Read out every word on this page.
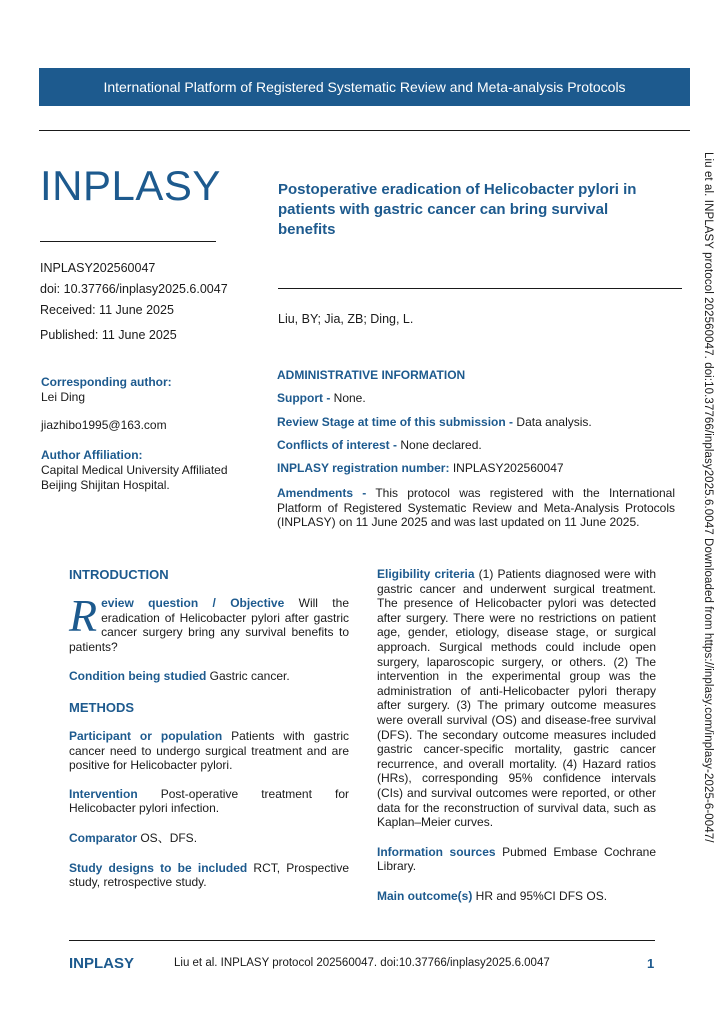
International Platform of Registered Systematic Review and Meta-analysis Protocols
Liu et al. INPLASY protocol 202560047. doi:10.37766/inplasy2025.6.0047 Downloaded from https://inplasy.com/inplasy-2025-6-0047/
INPLASY
INPLASY202560047
doi: 10.37766/inplasy2025.6.0047
Received: 11 June 2025
Published: 11 June 2025
Corresponding author:
Lei Ding
jiazhibo1995@163.com
Author Affiliation:
Capital Medical University Affiliated Beijing Shijitan Hospital.
Postoperative eradication of Helicobacter pylori in patients with gastric cancer can bring survival benefits
Liu, BY; Jia, ZB; Ding, L.
ADMINISTRATIVE INFORMATION
Support - None.
Review Stage at time of this submission - Data analysis.
Conflicts of interest - None declared.
INPLASY registration number: INPLASY202560047
Amendments - This protocol was registered with the International Platform of Registered Systematic Review and Meta-Analysis Protocols (INPLASY) on 11 June 2025 and was last updated on 11 June 2025.
INTRODUCTION
Review question / Objective Will the eradication of Helicobacter pylori after gastric cancer surgery bring any survival benefits to patients?
Condition being studied Gastric cancer.
METHODS
Participant or population Patients with gastric cancer need to undergo surgical treatment and are positive for Helicobacter pylori.
Intervention Post-operative treatment for Helicobacter pylori infection.
Comparator OS、DFS.
Study designs to be included RCT, Prospective study, retrospective study.
Eligibility criteria (1) Patients diagnosed were with gastric cancer and underwent surgical treatment. The presence of Helicobacter pylori was detected after surgery. There were no restrictions on patient age, gender, etiology, disease stage, or surgical approach. Surgical methods could include open surgery, laparoscopic surgery, or others. (2) The intervention in the experimental group was the administration of anti-Helicobacter pylori therapy after surgery. (3) The primary outcome measures were overall survival (OS) and disease-free survival (DFS). The secondary outcome measures included gastric cancer-specific mortality, gastric cancer recurrence, and overall mortality. (4) Hazard ratios (HRs), corresponding 95% confidence intervals (CIs) and survival outcomes were reported, or other data for the reconstruction of survival data, such as Kaplan–Meier curves.
Information sources Pubmed Embase Cochrane Library.
Main outcome(s) HR and 95%CI DFS OS.
INPLASY	Liu et al. INPLASY protocol 202560047. doi:10.37766/inplasy2025.6.0047	1
